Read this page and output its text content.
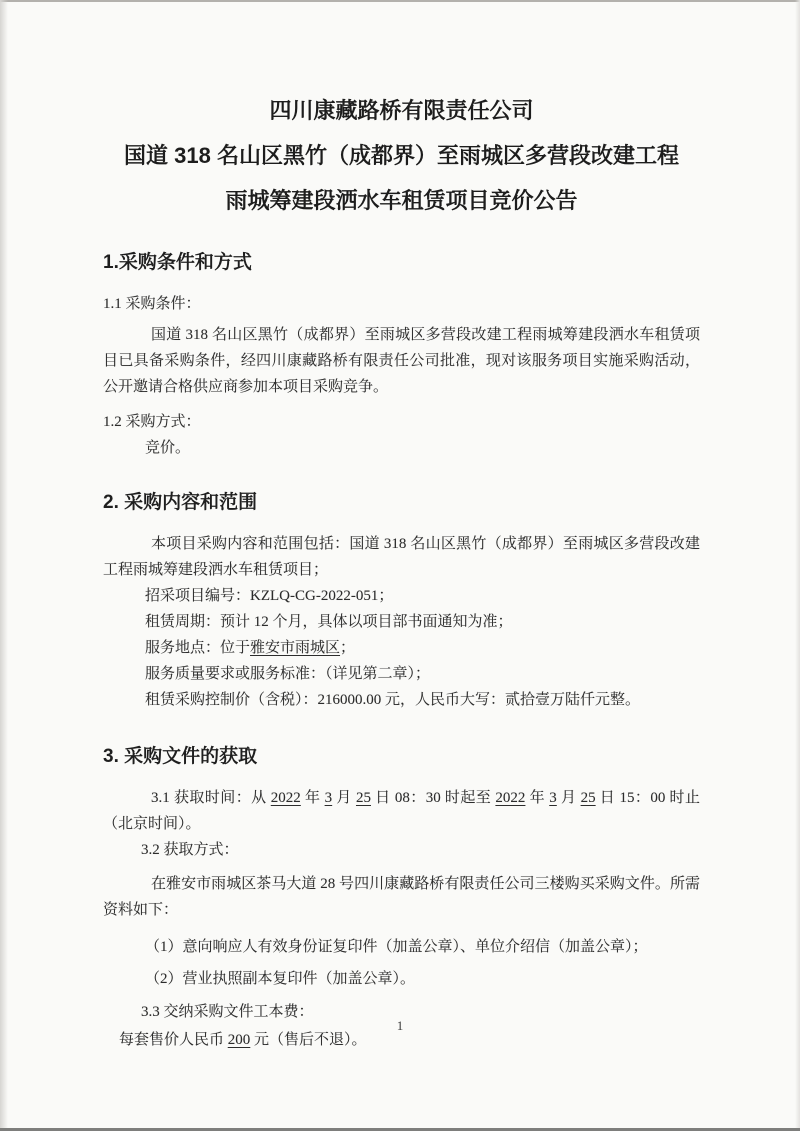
四川康藏路桥有限责任公司
国道 318 名山区黑竹（成都界）至雨城区多营段改建工程
雨城筹建段洒水车租赁项目竞价公告
1.采购条件和方式

1.1 采购条件：

国道 318 名山区黑竹（成都界）至雨城区多营段改建工程雨城筹建段洒水车租赁项目已具备采购条件，经四川康藏路桥有限责任公司批准，现对该服务项目实施采购活动，公开邀请合格供应商参加本项目采购竞争。

1.2 采购方式：

竞价。

2. 采购内容和范围

本项目采购内容和范围包括：国道 318 名山区黑竹（成都界）至雨城区多营段改建工程雨城筹建段洒水车租赁项目；

招采项目编号：KZLQ-CG-2022-051；

租赁周期：预计 12 个月，具体以项目部书面通知为准；

服务地点：位于雅安市雨城区；

服务质量要求或服务标准：（详见第二章）；

租赁采购控制价（含税）：216000.00 元，人民币大写：贰拾壹万陆仟元整。

3. 采购文件的获取

3.1 获取时间：从 2022 年 3 月 25 日 08：30 时起至 2022 年 3 月 25 日 15：00 时止（北京时间）。

3.2 获取方式：

在雅安市雨城区茶马大道 28 号四川康藏路桥有限责任公司三楼购买采购文件。所需资料如下：

（1）意向响应人有效身份证复印件（加盖公章）、单位介绍信（加盖公章）；

（2）营业执照副本复印件（加盖公章）。

3.3 交纳采购文件工本费：

每套售价人民币 200 元（售后不退）。

1
